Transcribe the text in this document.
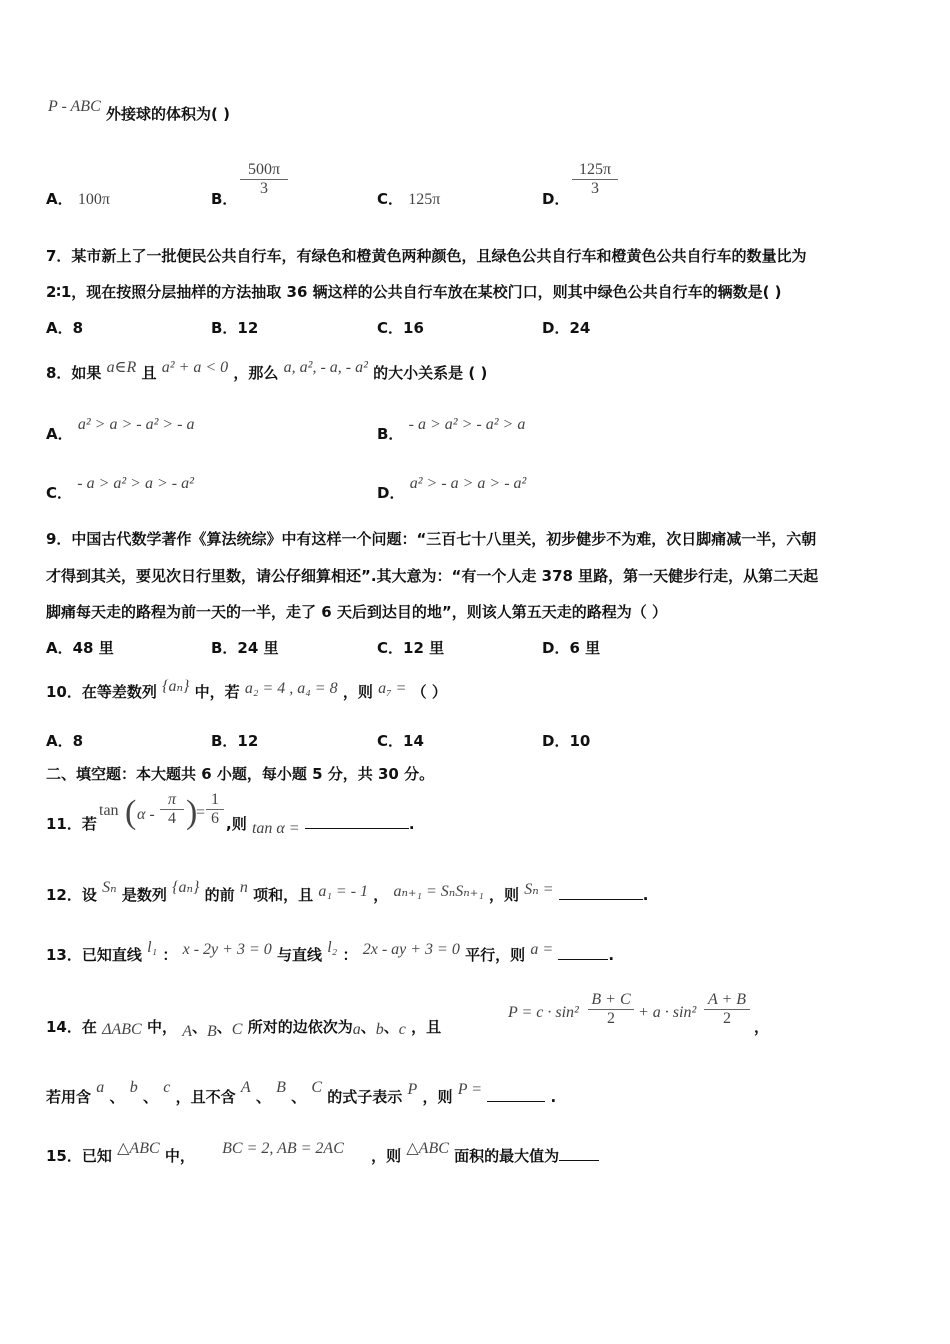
P - ABC 外接球的体积为( )
A． 100π	B．
$\frac{500\pi}{3}$
C． 125π	D．
$\frac{125\pi}{3}$
7．某市新上了一批便民公共自行车，有绿色和橙黄色两种颜色，且绿色公共自行车和橙黄色公共自行车的数量比为
2∶1，现在按照分层抽样的方法抽取 36 辆这样的公共自行车放在某校门口，则其中绿色公共自行车的辆数是( )
A．8	B．12	C．16	D．24
8．如果 a∈R 且 a² + a < 0 ，那么 a, a², - a, - a² 的大小关系是 ( )
A． a² > a > - a² > - a
B． - a > a² > - a² > a
C． - a > a² > a > - a²
D． a² > - a > a > - a²
9．中国古代数学著作《算法统综》中有这样一个问题：“三百七十八里关，初步健步不为难，次日脚痛减一半，六朝
才得到其关，要见次日行里数，请公仔细算相还”.其大意为：“有一个人走 378 里路，第一天健步行走，从第二天起
脚痛每天走的路程为前一天的一半，走了 6 天后到达目的地”，则该人第五天走的路程为（ ）
A．48 里	B．24 里	C．12 里	D．6 里
10．在等差数列 {aₙ} 中，若 a₂ = 4 , a₄ = 8 ，则 a₇ = （ ）
A．8	B．12	C．14	D．10
二、填空题：本大题共 6 小题，每小题 5 分，共 30 分。
11．若
tan ( α - $\frac{\pi}{4}$ )
= $\frac{1}{6}$ ,则 tan α =	.
12．设 Sₙ 是数列 {aₙ} 的前 n 项和，且 a₁ = - 1 ， aₙ₊₁ = SₙSₙ₊₁ ，则 Sₙ =	.
13．已知直线 l₁ ： x - 2y + 3 = 0 与直线 l₂ ： 2x - ay + 3 = 0 平行，则 a =	.
14．在 ΔABC 中， A、B、C 所对的边依次为a、b、c ，且
$P = c \cdot \sin^2 \frac{B + C}{2} + a \cdot \sin^2 \frac{A + B}{2}$ ，
若用含 a 、 b 、 c ，且不含 A 、 B 、 C 的式子表示 P ，则 P =	.
15．已知 △ABC 中， BC = 2, AB = 2AC ，则 △ABC 面积的最大值为
